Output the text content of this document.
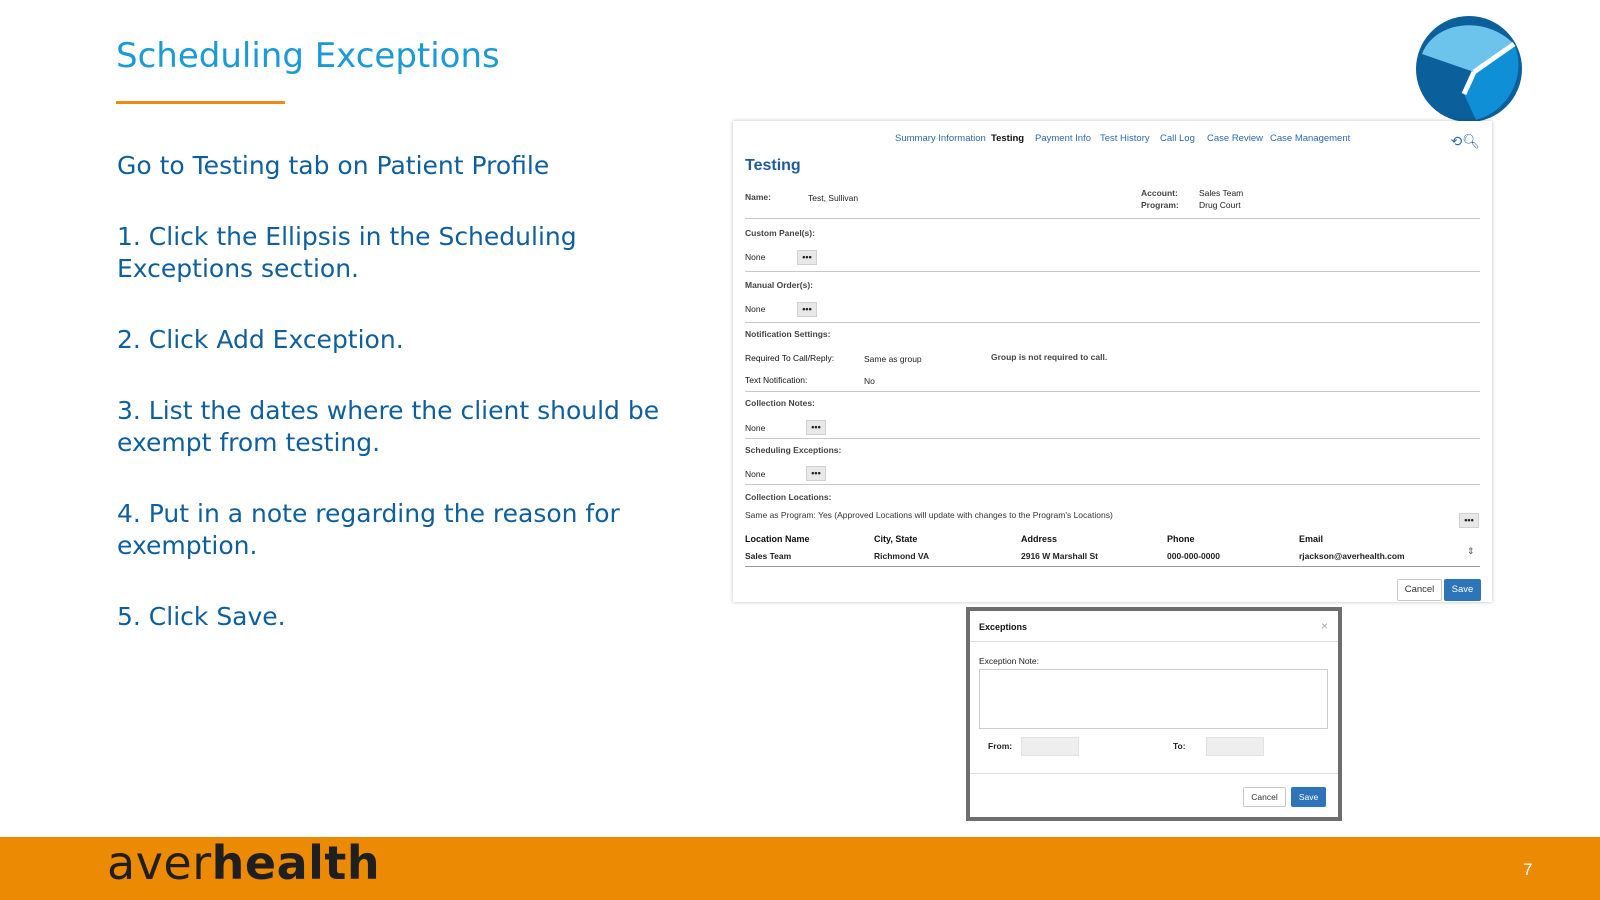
Scheduling Exceptions

Go to Testing tab on Patient Profile

1. Click the Ellipsis in the Scheduling Exceptions section.

2. Click Add Exception.

3. List the dates where the client should be exempt from testing.

4. Put in a note regarding the reason for exemption.

5. Click Save.

Summary Information Testing Payment Info Test History Call Log Case Review Case Management	⟲🔍︎
Testing
Name:	Test, Sullivan	Account: Sales Team
Program: Drug Court
Custom Panel(s):
None	•••
Manual Order(s):
None	•••
Notification Settings:
Required To Call/Reply:	Same as group	Group is not required to call.
Text Notification:	No
Collection Notes:
None	•••
Scheduling Exceptions:
None	•••
Collection Locations:
Same as Program: Yes (Approved Locations will update with changes to the Program's Locations)	•••
Location Name	City, State	Address	Phone	Email
Sales Team	Richmond VA	2916 W Marshall St	000-000-0000	rjackson@averhealth.com	⇕
Cancel	Save
Exceptions	×
Exception Note:
From:	To:
Cancel	Save
averhealth	7
